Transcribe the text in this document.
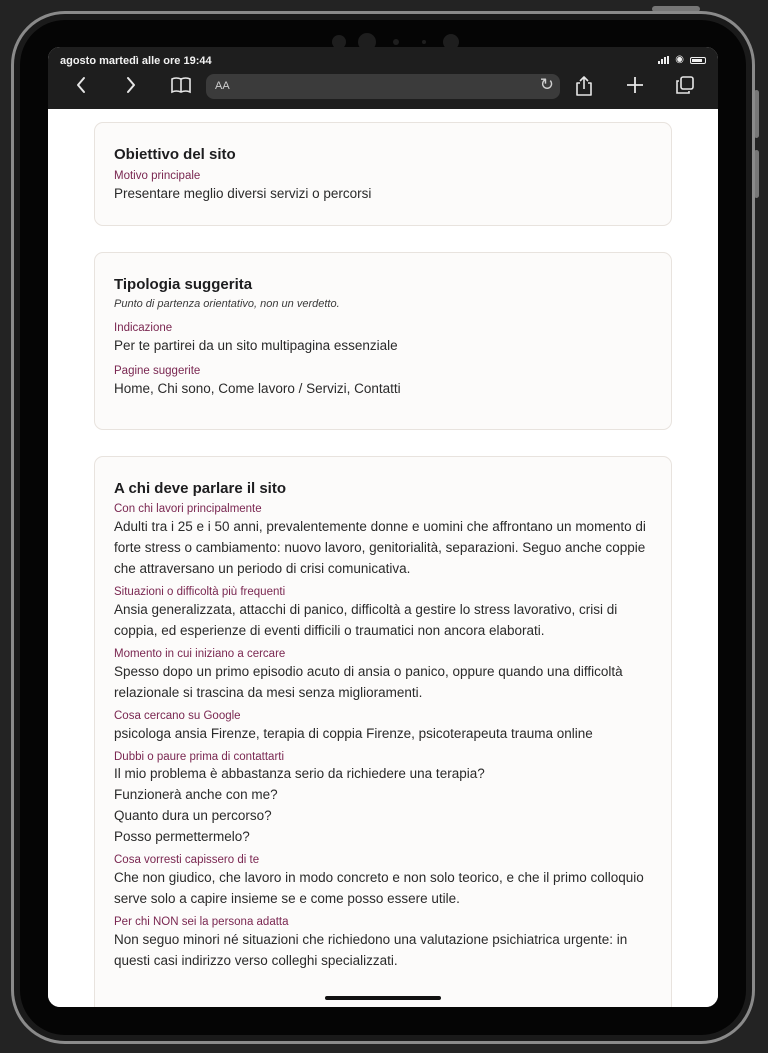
agosto martedì alle ore 19:44	◉
AA	↻
Obiettivo del sito
Motivo principale
Presentare meglio diversi servizi o percorsi
Tipologia suggerita
Punto di partenza orientativo, non un verdetto.
Indicazione
Per te partirei da un sito multipagina essenziale
Pagine suggerite
Home, Chi sono, Come lavoro / Servizi, Contatti
A chi deve parlare il sito
Con chi lavori principalmente
Adulti tra i 25 e i 50 anni, prevalentemente donne e uomini che affrontano un momento di forte stress o cambiamento: nuovo lavoro, genitorialità, separazioni. Seguo anche coppie che attraversano un periodo di crisi comunicativa.
Situazioni o difficoltà più frequenti
Ansia generalizzata, attacchi di panico, difficoltà a gestire lo stress lavorativo, crisi di coppia, ed esperienze di eventi difficili o traumatici non ancora elaborati.
Momento in cui iniziano a cercare
Spesso dopo un primo episodio acuto di ansia o panico, oppure quando una difficoltà relazionale si trascina da mesi senza miglioramenti.
Cosa cercano su Google
psicologa ansia Firenze, terapia di coppia Firenze, psicoterapeuta trauma online
Dubbi o paure prima di contattarti
Il mio problema è abbastanza serio da richiedere una terapia?
Funzionerà anche con me?
Quanto dura un percorso?
Posso permettermelo?
Cosa vorresti capissero di te
Che non giudico, che lavoro in modo concreto e non solo teorico, e che il primo colloquio serve solo a capire insieme se e come posso essere utile.
Per chi NON sei la persona adatta
Non seguo minori né situazioni che richiedono una valutazione psichiatrica urgente: in questi casi indirizzo verso colleghi specializzati.
